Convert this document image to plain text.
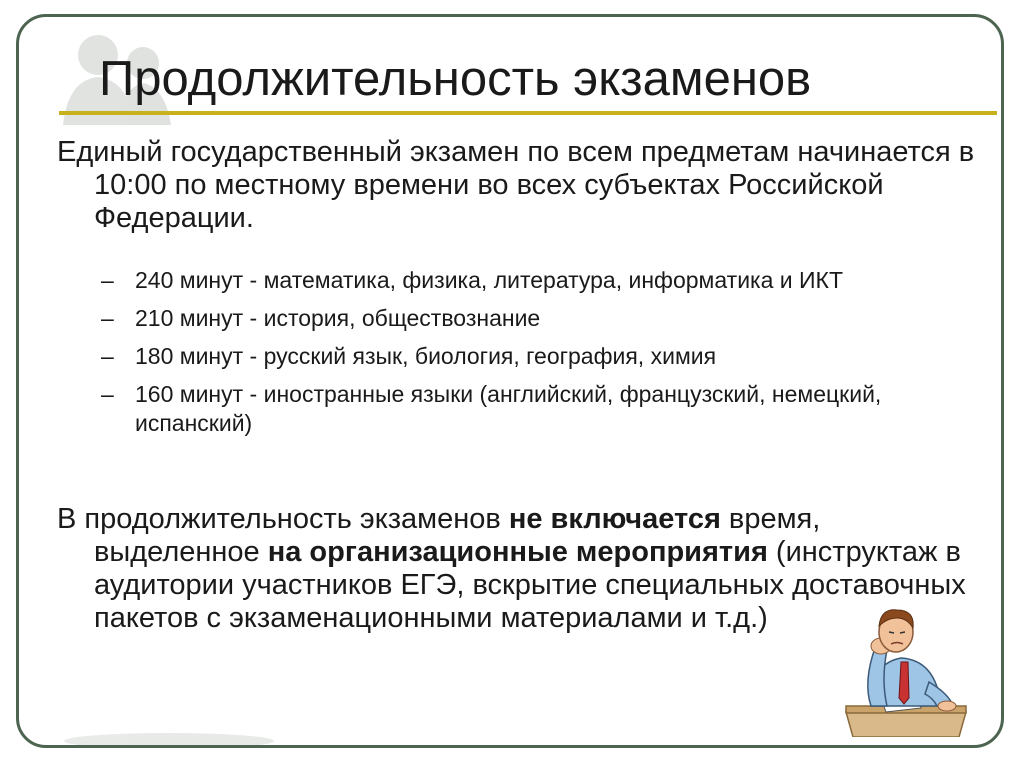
Продолжительность экзаменов

Единый государственный экзамен по всем предметам начинается в 10:00 по местному времени во всех субъектах Российской Федерации.

– 240 минут - математика, физика, литература, информатика и ИКТ
– 210 минут - история, обществознание
– 180 минут - русский язык, биология, география, химия
– 160 минут - иностранные языки (английский, французский, немецкий, испанский)

В продолжительность экзаменов не включается время, выделенное на организационные мероприятия (инструктаж в аудитории участников ЕГЭ, вскрытие специальных доставочных пакетов с экзаменационными материалами и т.д.)
